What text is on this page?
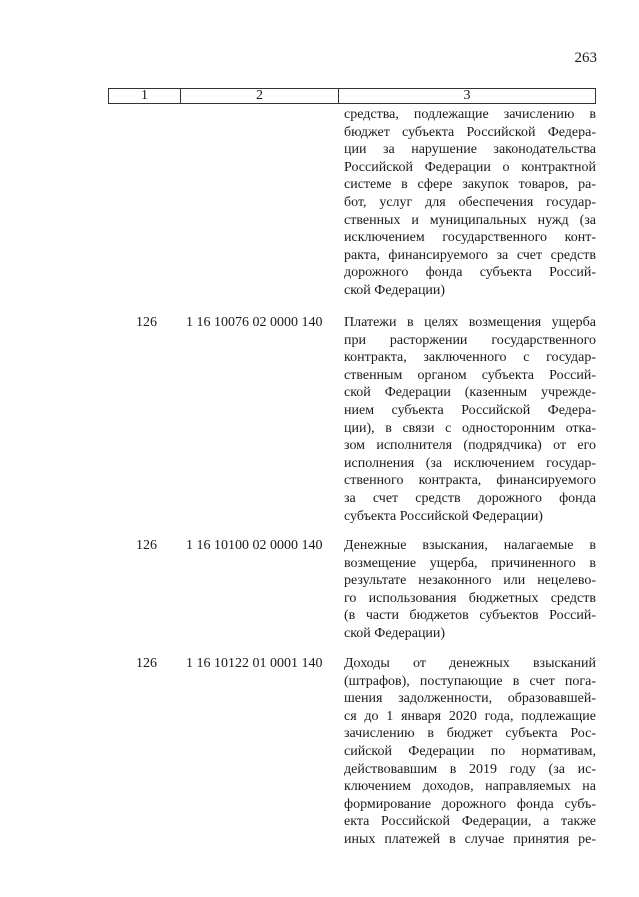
263
1	2	3
средства, подлежащие зачислению в
бюджет субъекта Российской Федера-
ции за нарушение законодательства
Российской Федерации о контрактной
системе в сфере закупок товаров, ра-
бот, услуг для обеспечения государ-
ственных и муниципальных нужд (за
исключением государственного конт-
ракта, финансируемого за счет средств
дорожного фонда субъекта Россий-
ской Федерации)
126 1 16 10076 02 0000 140 Платежи в целях возмещения ущерба
при расторжении государственного
контракта, заключенного с государ-
ственным органом субъекта Россий-
ской Федерации (казенным учрежде-
нием субъекта Российской Федера-
ции), в связи с односторонним отка-
зом исполнителя (подрядчика) от его
исполнения (за исключением государ-
ственного контракта, финансируемого
за счет средств дорожного фонда
субъекта Российской Федерации)
126 1 16 10100 02 0000 140 Денежные взыскания, налагаемые в
возмещение ущерба, причиненного в
результате незаконного или нецелево-
го использования бюджетных средств
(в части бюджетов субъектов Россий-
ской Федерации)
126 1 16 10122 01 0001 140 Доходы от денежных взысканий
(штрафов), поступающие в счет пога-
шения задолженности, образовавшей-
ся до 1 января 2020 года, подлежащие
зачислению в бюджет субъекта Рос-
сийской Федерации по нормативам,
действовавшим в 2019 году (за ис-
ключением доходов, направляемых на
формирование дорожного фонда субъ-
екта Российской Федерации, а также
иных платежей в случае принятия ре-
